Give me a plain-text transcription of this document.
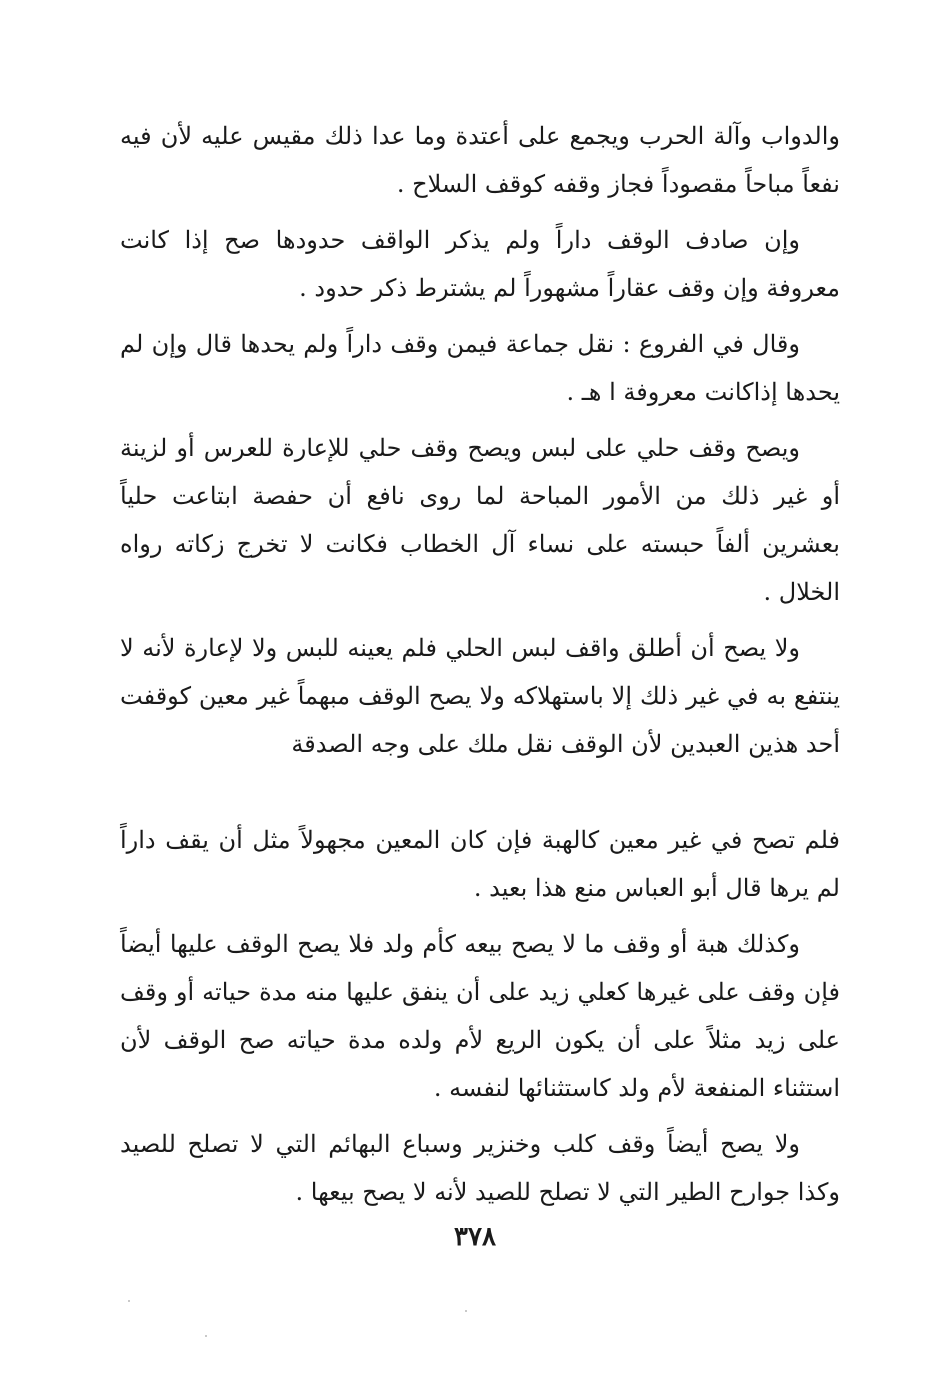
والدواب وآلة الحرب ويجمع على أعتدة وما عدا ذلك مقيس عليه لأن فيه نفعاً مباحاً مقصوداً فجاز وقفه كوقف السلاح .

وإن صادف الوقف داراً ولم يذكر الواقف حدودها صح إذا كانت معروفة وإن وقف عقاراً مشهوراً لم يشترط ذكر حدود .

وقال في الفروع : نقل جماعة فيمن وقف داراً ولم يحدها قال وإن لم يحدها إذاكانت معروفة ا هـ .

ويصح وقف حلي على لبس ويصح وقف حلي للإعارة للعرس أو لزينة أو غير ذلك من الأمور المباحة لما روى نافع أن حفصة ابتاعت حلياً بعشرين ألفاً حبسته على نساء آل الخطاب فكانت لا تخرج زكاته رواه الخلال .

ولا يصح أن أطلق واقف لبس الحلي فلم يعينه للبس ولا لإعارة لأنه لا ينتفع به في غير ذلك إلا باستهلاكه ولا يصح الوقف مبهماً غير معين كوقفت أحد هذين العبدين لأن الوقف نقل ملك على وجه الصدقة

فلم تصح في غير معين كالهبة فإن كان المعين مجهولاً مثل أن يقف داراً لم يرها قال أبو العباس منع هذا بعيد .

وكذلك هبة أو وقف ما لا يصح بيعه كأم ولد فلا يصح الوقف عليها أيضاً فإن وقف على غيرها كعلي زيد على أن ينفق عليها منه مدة حياته أو وقف على زيد مثلاً على أن يكون الريع لأم ولده مدة حياته صح الوقف لأن استثناء المنفعة لأم ولد كاستثنائها لنفسه .

ولا يصح أيضاً وقف كلب وخنزير وسباع البهائم التي لا تصلح للصيد وكذا جوارح الطير التي لا تصلح للصيد لأنه لا يصح بيعها .

٣٧٨
